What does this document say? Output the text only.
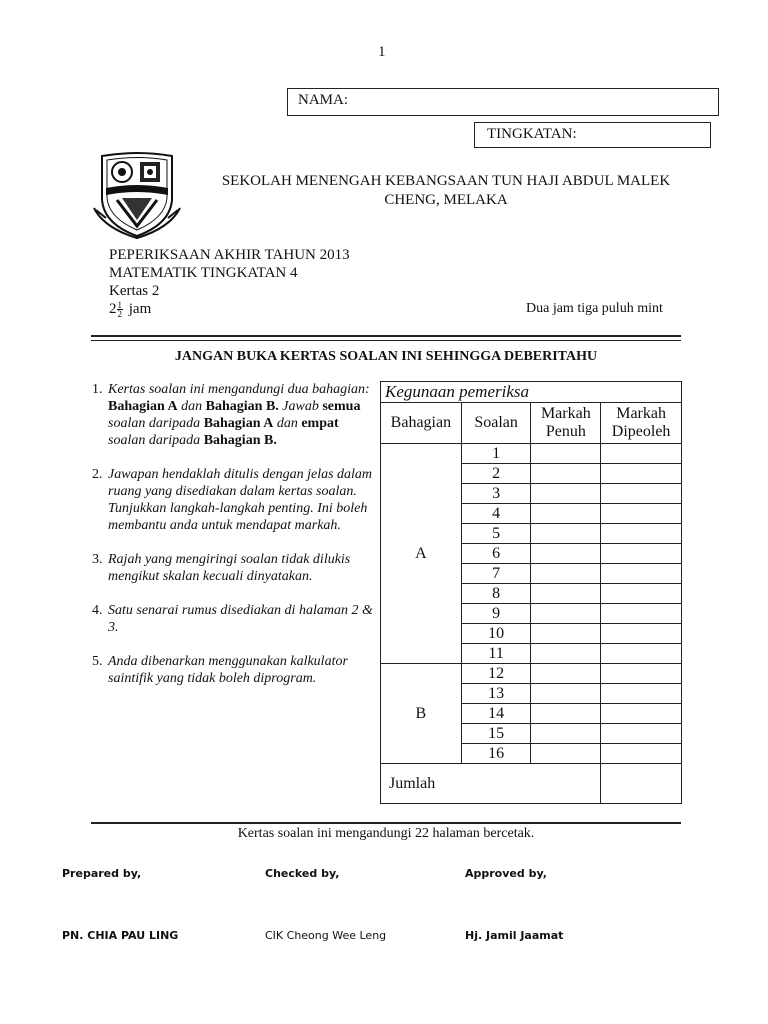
1
NAMA:
TINGKATAN:
SEKOLAH MENENGAH KEBANGSAAN TUN HAJI ABDUL MALEK CHENG, MELAKA
PEPERIKSAAN AKHIR TAHUN 2013
MATEMATIK TINGKATAN 4
Kertas 2
$2 \frac{1}{2}$ jam	Dua jam tiga puluh mint
JANGAN BUKA KERTAS SOALAN INI SEHINGGA DEBERITAHU
1. Kertas soalan ini mengandungi dua bahagian: Bahagian A dan Bahagian B. Jawab semua soalan daripada Bahagian A dan empat soalan daripada Bahagian B.
2. Jawapan hendaklah ditulis dengan jelas dalam ruang yang disediakan dalam kertas soalan. Tunjukkan langkah-langkah penting. Ini boleh membantu anda untuk mendapat markah.
3. Rajah yang mengiringi soalan tidak dilukis mengikut skalan kecuali dinyatakan.
4. Satu senarai rumus disediakan di halaman 2 & 3.
5. Anda dibenarkan menggunakan kalkulator saintifik yang tidak boleh diprogram.
Kegunaan pemeriksa			
Bahagian	Soalan	Markah Penuh	Markah Dipeoleh
A	1		
	2		
	3		
	4		
	5		
	6		
	7		
	8		
	9		
	10		
	11		
B	12		
	13		
	14		
	15		
	16		
Jumlah			
Kertas soalan ini mengandungi 22 halaman bercetak.
Prepared by,	Checked by,	Approved by,
PN. CHIA PAU LING	CIK Cheong Wee Leng	Hj. Jamil Jaamat
